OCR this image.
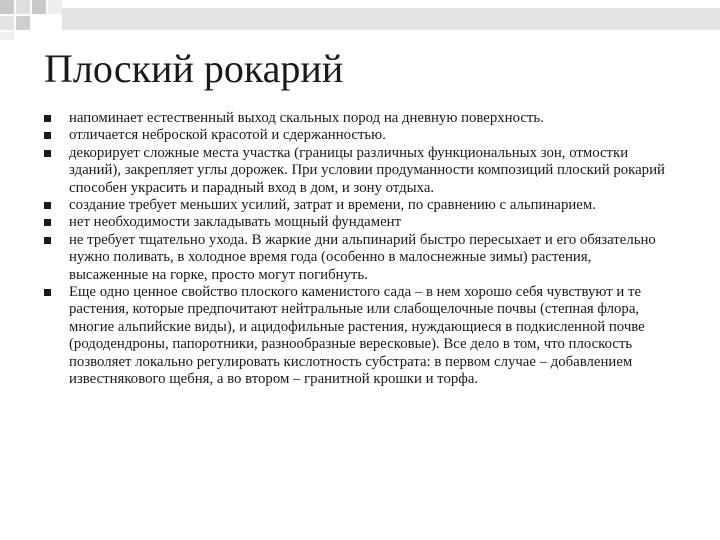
Плоский рокарий
напоминает естественный выход скальных пород на дневную поверхность.
отличается неброской красотой и сдержанностью.
декорирует сложные места участка (границы различных функциональных зон, отмостки зданий), закрепляет углы дорожек. При условии продуманности композиций плоский рокарий способен украсить и парадный вход в дом, и зону отдыха.
создание требует меньших усилий, затрат и времени, по сравнению с альпинарием.
нет необходимости закладывать мощный фундамент
не требует тщательно ухода. В жаркие дни альпинарий быстро пересыхает и его обязательно нужно поливать, в холодное время года (особенно в малоснежные зимы) растения, высаженные на горке, просто могут погибнуть.
Еще одно ценное свойство плоского каменистого сада – в нем хорошо себя чувствуют и те растения, которые предпочитают нейтральные или слабощелочные почвы (степная флора, многие альпийские виды), и ацидофильные растения, нуждающиеся в подкисленной почве (рододендроны, папоротники, разнообразные вересковые). Все дело в том, что плоскость позволяет локально регулировать кислотность субстрата: в первом случае – добавлением известнякового щебня, а во втором – гранитной крошки и торфа.
